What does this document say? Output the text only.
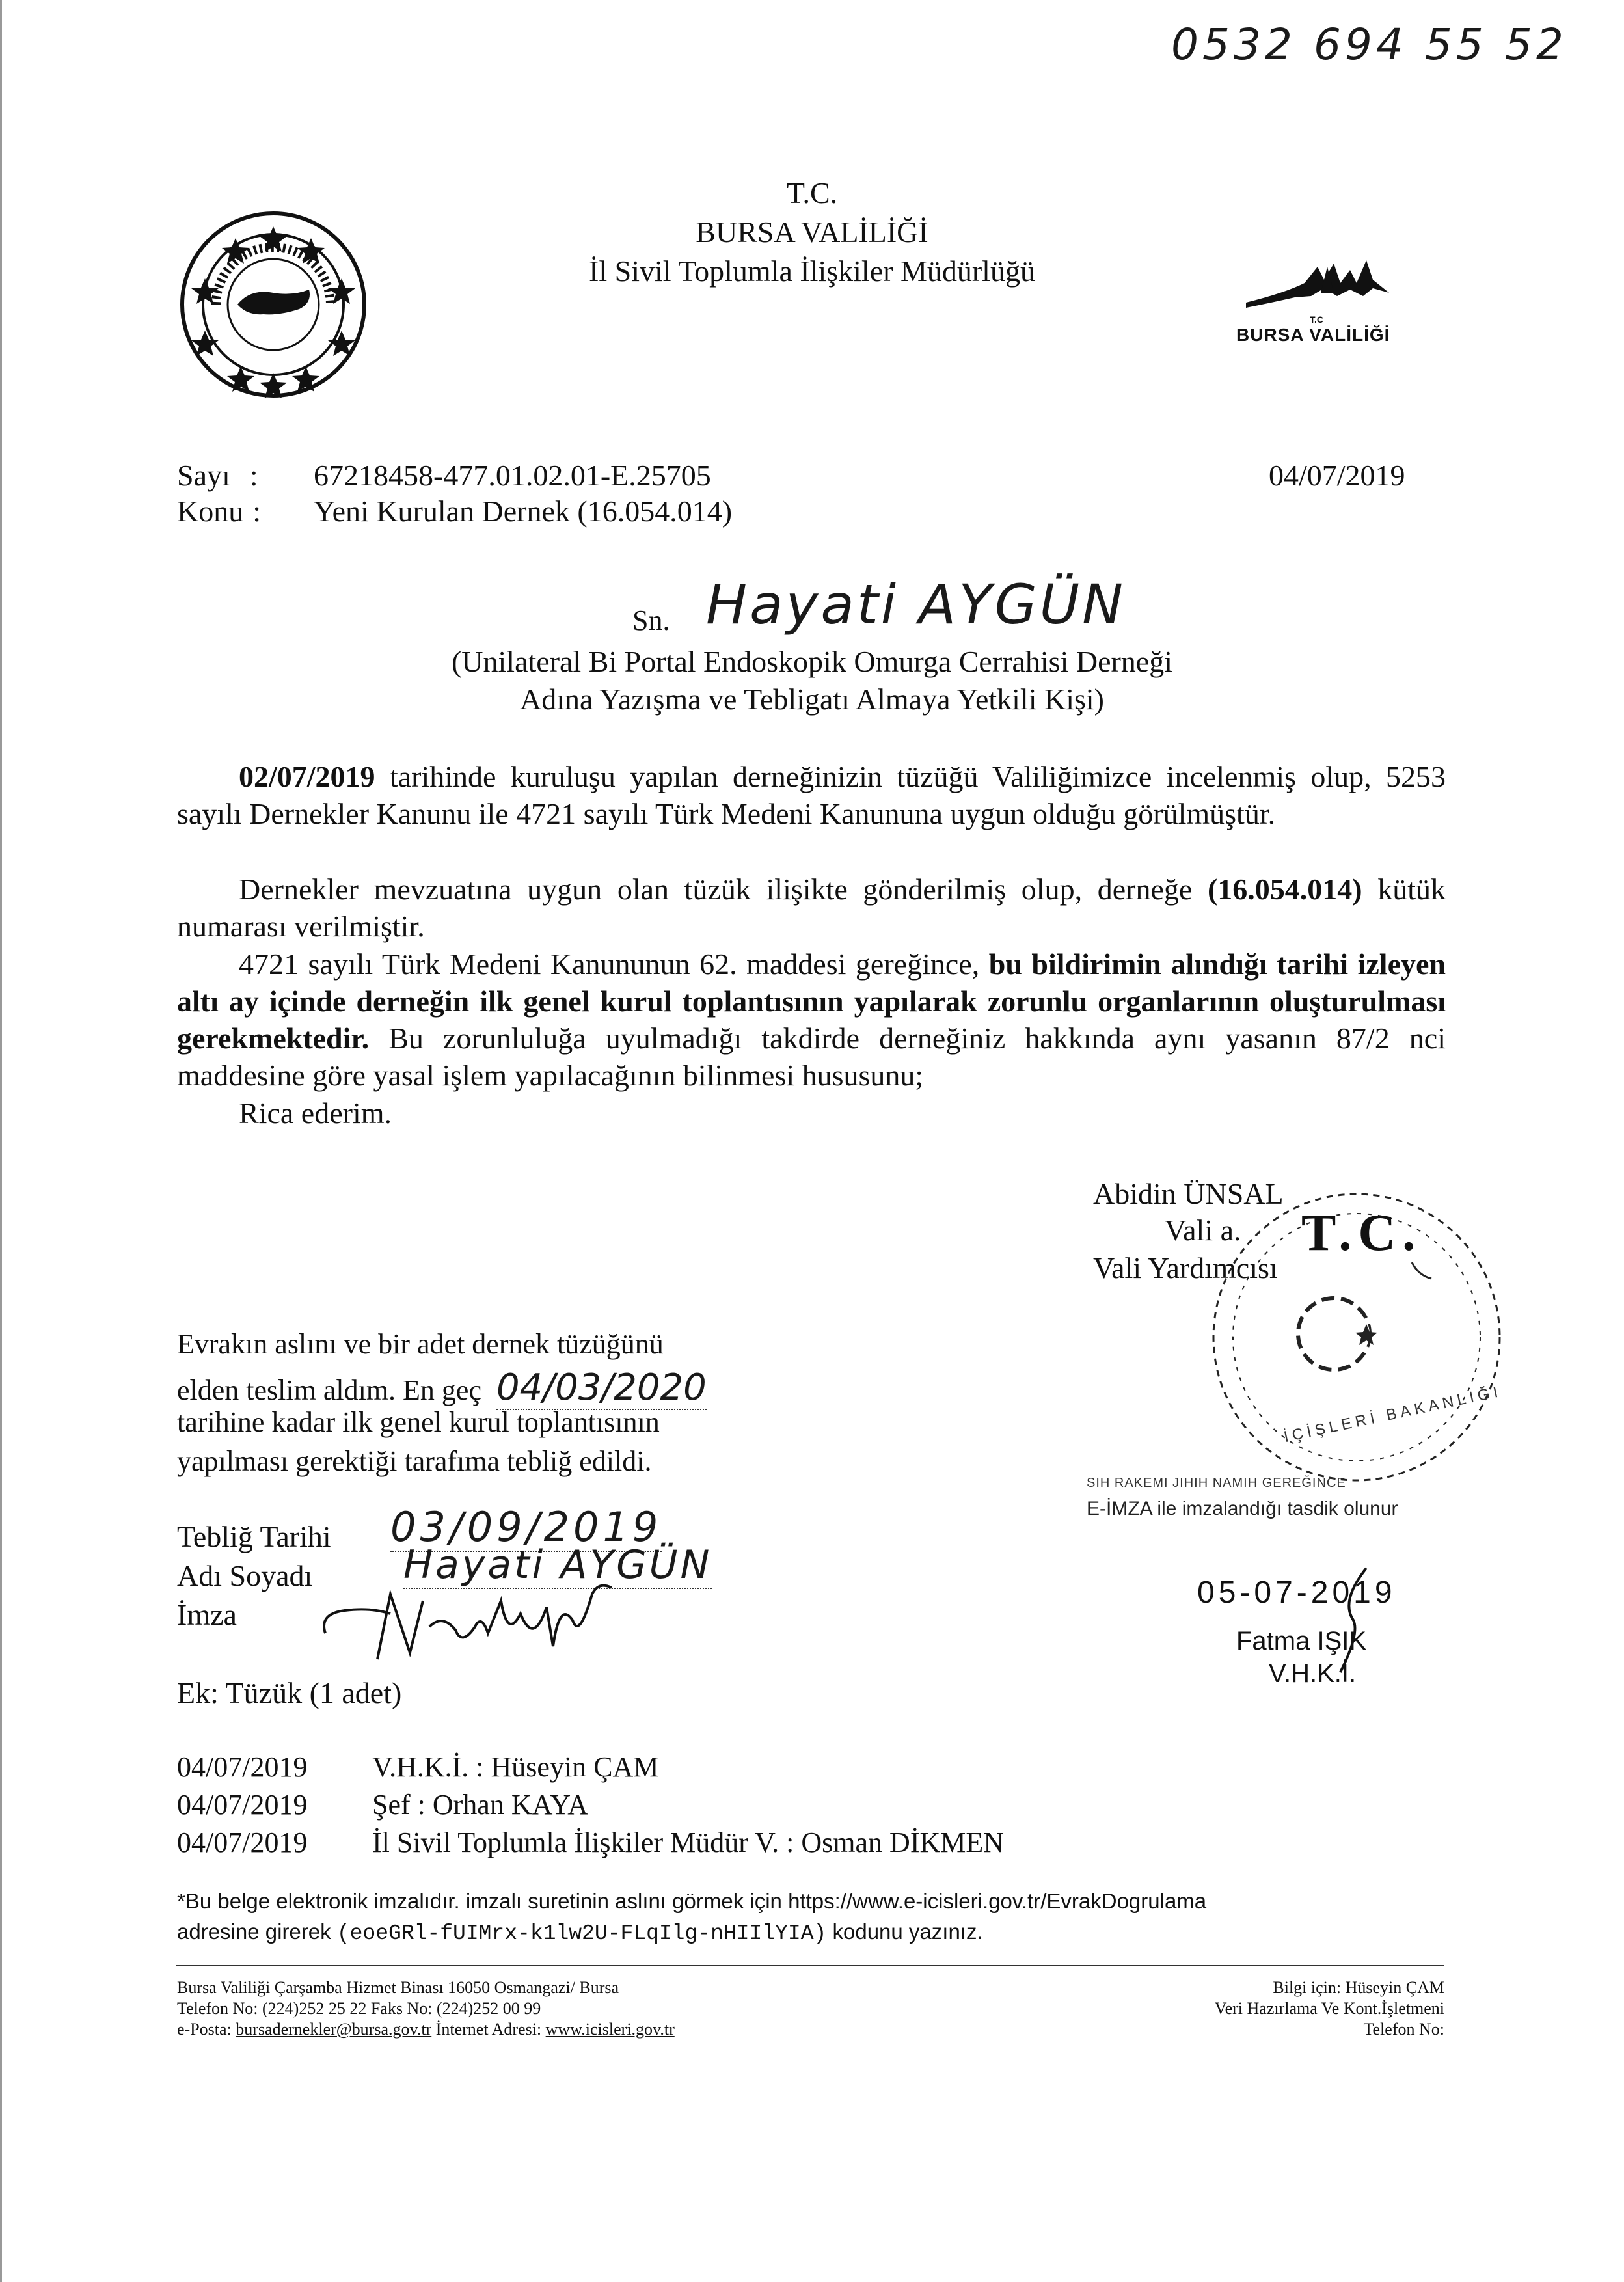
0532 694 55 52
T.C.
BURSA VALİLİĞİ
İl Sivil Toplumla İlişkiler Müdürlüğü
T.C
BURSA VALİLİĞİ
Sayı : 67218458-477.01.02.01-E.25705	04/07/2019
Konu : Yeni Kurulan Dernek (16.054.014)
Sn. Hayati AYGÜN
(Unilateral Bi Portal Endoskopik Omurga Cerrahisi Derneği
Adına Yazışma ve Tebligatı Almaya Yetkili Kişi)
02/07/2019 tarihinde kuruluşu yapılan derneğinizin tüzüğü Valiliğimizce incelenmiş olup, 5253 sayılı Dernekler Kanunu ile 4721 sayılı Türk Medeni Kanununa uygun olduğu görülmüştür.
Dernekler mevzuatına uygun olan tüzük ilişikte gönderilmiş olup, derneğe (16.054.014) kütük numarası verilmiştir.
4721 sayılı Türk Medeni Kanununun 62. maddesi gereğince, bu bildirimin alındığı tarihi izleyen altı ay içinde derneğin ilk genel kurul toplantısının yapılarak zorunlu organlarının oluşturulması gerekmektedir. Bu zorunluluğa uyulmadığı takdirde derneğiniz hakkında aynı yasanın 87/2 nci maddesine göre yasal işlem yapılacağının bilinmesi hususunu;
Rica ederim.
Abidin ÜNSAL
Vali a.
Vali Yardımcısı
T.C.
İÇİŞLERİ BAKANLIĞI
Evrakın aslını ve bir adet dernek tüzüğünü
elden teslim aldım. En geç 04/03/2020
tarihine kadar ilk genel kurul toplantısının
yapılması gerektiği tarafıma tebliğ edildi.
Tebliğ Tarihi 03/09/2019
Adı Soyadı Hayati AYGÜN
İmza
SIH RAKEMI JIHIH NAMIH GEREĞINCE
E-İMZA ile imzalandığı tasdik olunur
05-07-2019
Fatma IŞIK
V.H.K.İ.
Ek: Tüzük (1 adet)
04/07/2019 V.H.K.İ. : Hüseyin ÇAM
04/07/2019 Şef : Orhan KAYA
04/07/2019 İl Sivil Toplumla İlişkiler Müdür V. : Osman DİKMEN
*Bu belge elektronik imzalıdır. imzalı suretinin aslını görmek için https://www.e-icisleri.gov.tr/EvrakDogrulama
adresine girerek (eoeGRl-fUIMrx-k1lw2U-FLqIlg-nHIIlYIA) kodunu yazınız.
Bursa Valiliği Çarşamba Hizmet Binası 16050 Osmangazi/ Bursa
Telefon No: (224)252 25 22 Faks No: (224)252 00 99
e-Posta: bursadernekler@bursa.gov.tr İnternet Adresi: www.icisleri.gov.tr
Bilgi için: Hüseyin ÇAM
Veri Hazırlama Ve Kont.İşletmeni
Telefon No:
